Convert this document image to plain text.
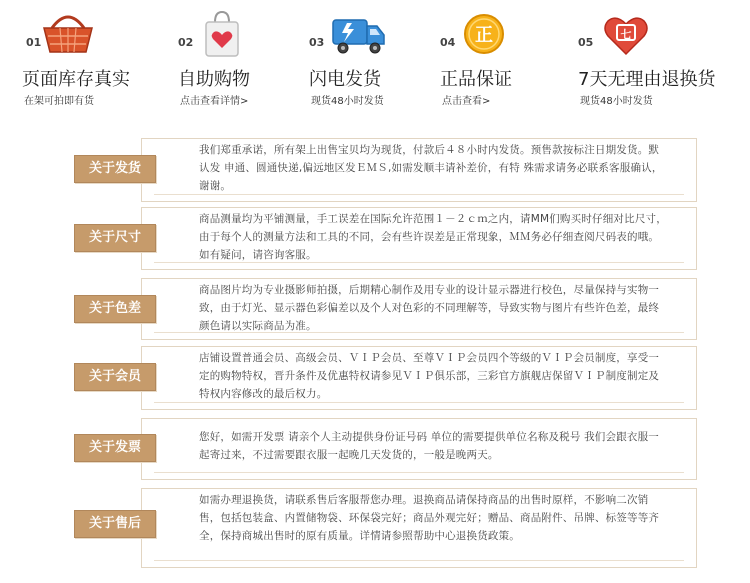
01
页面库存真实
在架可拍即有货
02
自助购物
点击查看详情>
03
闪电发货
现货48小时发货
04 正
正品保证
点击查看>
05
七
7天无理由退换货
现货48小时发货
关于发货
我们郑重承诺，所有架上出售宝贝均为现货，付款后４８小时内发货。预售款按标注日期发货。默认发 申通、圆通快递,偏远地区发ＥＭＳ,如需发顺丰请补差价，有特 殊需求请务必联系客服确认，谢谢。
关于尺寸
商品测量均为平铺测量，手工误差在国际允许范围１－２ｃｍ之内，请MM们购买时仔细对比尺寸，由于每个人的测量方法和工具的不同，会有些许误差是正常现象，ＭＭ务必仔细查阅尺码表的哦。如有疑问，请咨询客服。
关于色差
商品图片均为专业摄影师拍摄，后期精心制作及用专业的设计显示器进行校色，尽量保持与实物一致，由于灯光、显示器色彩偏差以及个人对色彩的不同理解等，导致实物与图片有些许色差，最终颜色请以实际商品为准。
关于会员
店铺设置普通会员、高级会员、ＶＩＰ会员、至尊ＶＩＰ会员四个等级的ＶＩＰ会员制度，享受一定的购物特权，晋升条件及优惠特权请参见ＶＩＰ俱乐部，三彩官方旗舰店保留ＶＩＰ制度制定及特权内容修改的最后权力。
关于发票
您好，如需开发票 请亲个人主动提供身份证号码 单位的需要提供单位名称及税号 我们会跟衣服一起寄过来，不过需要跟衣服一起晚几天发货的，一般是晚两天。
关于售后
如需办理退换货，请联系售后客服帮您办理。退换商品请保持商品的出售时原样，不影响二次销售，包括包装盒、内置储物袋、环保袋完好；商品外观完好；赠品、商品附件、吊牌、标签等等齐全，保持商城出售时的原有质量。详情请参照帮助中心退换货政策。
